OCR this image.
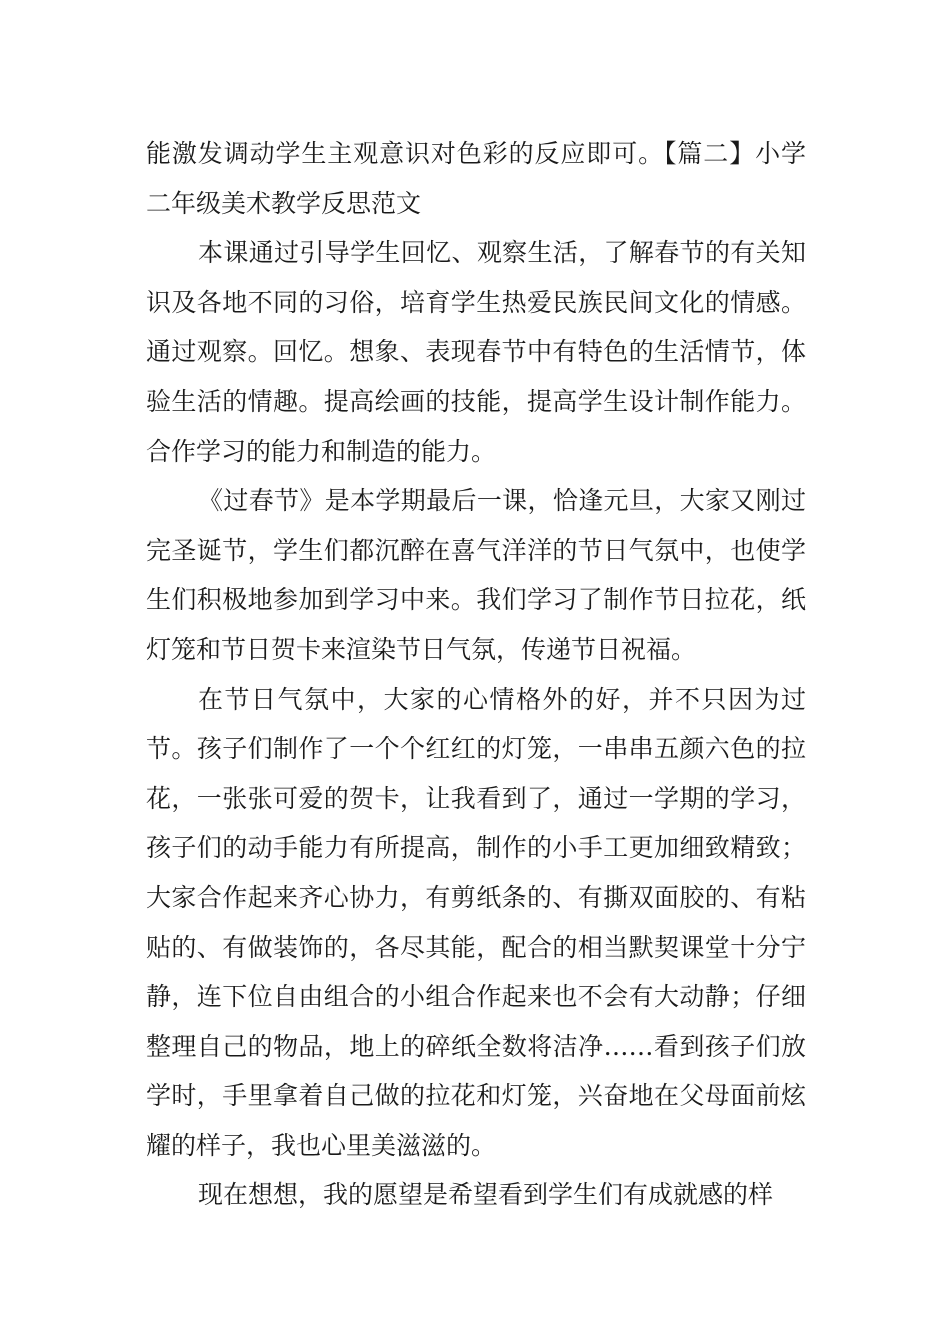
能激发调动学生主观意识对色彩的反应即可。【篇二】小学二年级美术教学反思范文

本课通过引导学生回忆、观察生活，了解春节的有关知识及各地不同的习俗，培育学生热爱民族民间文化的情感。通过观察。回忆。想象、表现春节中有特色的生活情节，体验生活的情趣。提高绘画的技能，提高学生设计制作能力。合作学习的能力和制造的能力。

《过春节》是本学期最后一课，恰逢元旦，大家又刚过完圣诞节，学生们都沉醉在喜气洋洋的节日气氛中，也使学生们积极地参加到学习中来。我们学习了制作节日拉花，纸灯笼和节日贺卡来渲染节日气氛，传递节日祝福。

在节日气氛中，大家的心情格外的好，并不只因为过节。孩子们制作了一个个红红的灯笼，一串串五颜六色的拉花，一张张可爱的贺卡，让我看到了，通过一学期的学习，孩子们的动手能力有所提高，制作的小手工更加细致精致；大家合作起来齐心协力，有剪纸条的、有撕双面胶的、有粘贴的、有做装饰的，各尽其能，配合的相当默契课堂十分宁静，连下位自由组合的小组合作起来也不会有大动静；仔细整理自己的物品，地上的碎纸全数将洁净……看到孩子们放学时，手里拿着自己做的拉花和灯笼，兴奋地在父母面前炫耀的样子，我也心里美滋滋的。

现在想想，我的愿望是希望看到学生们有成就感的样
